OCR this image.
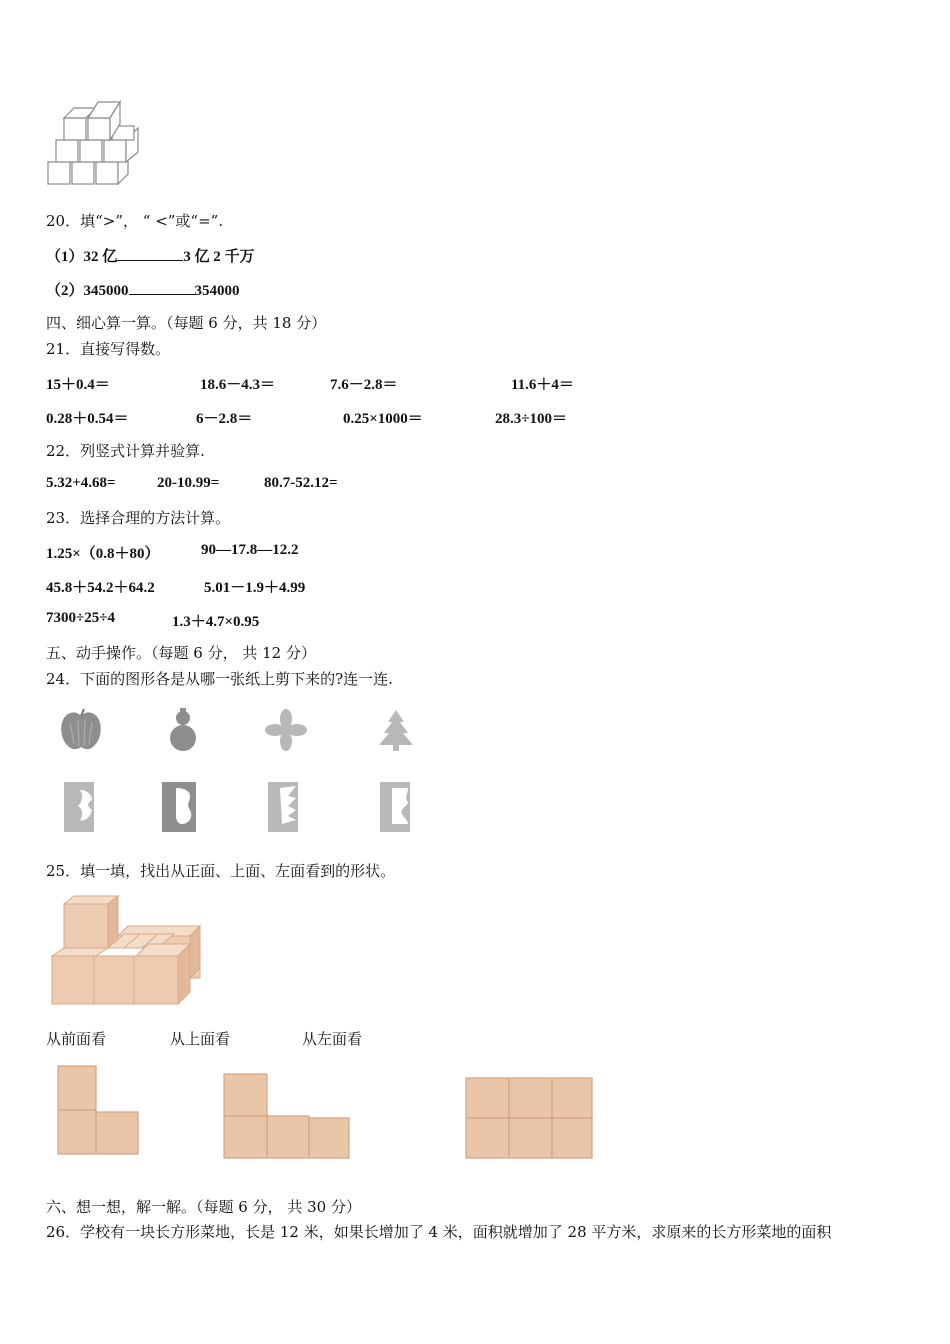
20．填“>”， “ <”或“=”.
（1）32 亿	3 亿 2 千万
（2）345000	354000
四、细心算一算。（每题 6 分，共 18 分）
21．直接写得数。
15＋0.4＝	18.6－4.3＝	7.6－2.8＝	11.6＋4＝
0.28＋0.54＝	6－2.8＝	0.25×1000＝	28.3÷100＝
22．列竖式计算并验算.
5.32+4.68=	20-10.99=	80.7-52.12=
23．选择合理的方法计算。
1.25×（0.8＋80）	90—17.8—12.2
45.8＋54.2＋64.2	5.01－1.9＋4.99
7300÷25÷4	1.3＋4.7×0.95
五、动手操作。（每题 6 分， 共 12 分）
24．下面的图形各是从哪一张纸上剪下来的?连一连.
25．填一填，找出从正面、上面、左面看到的形状。
从前面看	从上面看	从左面看
六、想一想，解一解。（每题 6 分， 共 30 分）
26．学校有一块长方形菜地，长是 12 米，如果长增加了 4 米，面积就增加了 28 平方米，求原来的长方形菜地的面积
